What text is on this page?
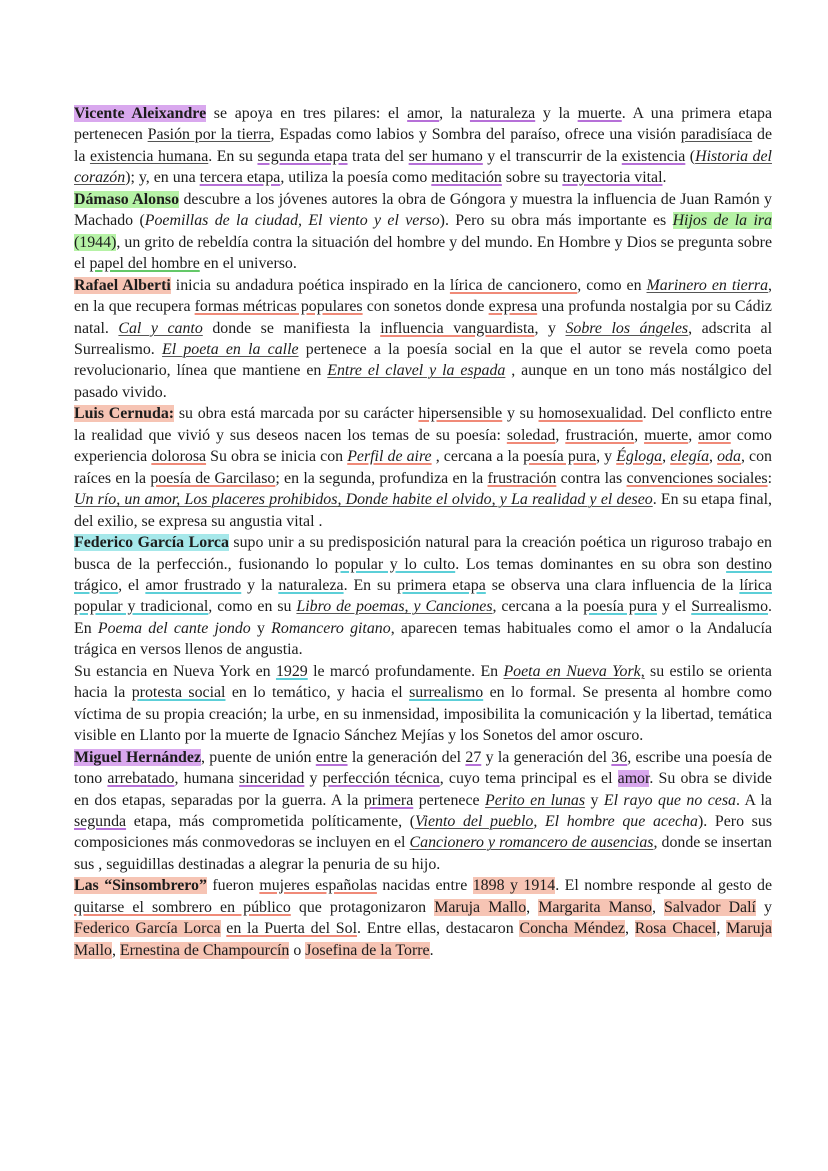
Vicente Aleixandre se apoya en tres pilares: el amor, la naturaleza y la muerte. A una primera etapa pertenecen Pasión por la tierra, Espadas como labios y Sombra del paraíso, ofrece una visión paradisíaca de la existencia humana. En su segunda etapa trata del ser humano y el transcurrir de la existencia (Historia del corazón); y, en una tercera etapa, utiliza la poesía como meditación sobre su trayectoria vital.

Dámaso Alonso descubre a los jóvenes autores la obra de Góngora y muestra la influencia de Juan Ramón y Machado (Poemillas de la ciudad, El viento y el verso). Pero su obra más importante es Hijos de la ira (1944), un grito de rebeldía contra la situación del hombre y del mundo. En Hombre y Dios se pregunta sobre el papel del hombre en el universo.

Rafael Alberti inicia su andadura poética inspirado en la lírica de cancionero, como en Marinero en tierra, en la que recupera formas métricas populares con sonetos donde expresa una profunda nostalgia por su Cádiz natal. Cal y canto donde se manifiesta la influencia vanguardista, y Sobre los ángeles, adscrita al Surrealismo. El poeta en la calle pertenece a la poesía social en la que el autor se revela como poeta revolucionario, línea que mantiene en Entre el clavel y la espada , aunque en un tono más nostálgico del pasado vivido.

Luis Cernuda: su obra está marcada por su carácter hipersensible y su homosexualidad. Del conflicto entre la realidad que vivió y sus deseos nacen los temas de su poesía: soledad, frustración, muerte, amor como experiencia dolorosa Su obra se inicia con Perfil de aire , cercana a la poesía pura, y Égloga, elegía, oda, con raíces en la poesía de Garcilaso; en la segunda, profundiza en la frustración contra las convenciones sociales: Un río, un amor, Los placeres prohibidos, Donde habite el olvido, y La realidad y el deseo. En su etapa final, del exilio, se expresa su angustia vital .

Federico García Lorca supo unir a su predisposición natural para la creación poética un riguroso trabajo en busca de la perfección., fusionando lo popular y lo culto. Los temas dominantes en su obra son destino trágico, el amor frustrado y la naturaleza. En su primera etapa se observa una clara influencia de la lírica popular y tradicional, como en su Libro de poemas, y Canciones, cercana a la poesía pura y el Surrealismo. En Poema del cante jondo y Romancero gitano, aparecen temas habituales como el amor o la Andalucía trágica en versos llenos de angustia.

Su estancia en Nueva York en 1929 le marcó profundamente. En Poeta en Nueva York, su estilo se orienta hacia la protesta social en lo temático, y hacia el surrealismo en lo formal. Se presenta al hombre como víctima de su propia creación; la urbe, en su inmensidad, imposibilita la comunicación y la libertad, temática visible en Llanto por la muerte de Ignacio Sánchez Mejías y los Sonetos del amor oscuro.

Miguel Hernández, puente de unión entre la generación del 27 y la generación del 36, escribe una poesía de tono arrebatado, humana sinceridad y perfección técnica, cuyo tema principal es el amor. Su obra se divide en dos etapas, separadas por la guerra. A la primera pertenece Perito en lunas y El rayo que no cesa. A la segunda etapa, más comprometida políticamente, (Viento del pueblo, El hombre que acecha). Pero sus composiciones más conmovedoras se incluyen en el Cancionero y romancero de ausencias, donde se insertan sus , seguidillas destinadas a alegrar la penuria de su hijo.

Las “Sinsombrero” fueron mujeres españolas nacidas entre 1898 y 1914. El nombre responde al gesto de quitarse el sombrero en público que protagonizaron Maruja Mallo, Margarita Manso, Salvador Dalí y Federico García Lorca en la Puerta del Sol. Entre ellas, destacaron Concha Méndez, Rosa Chacel, Maruja Mallo, Ernestina de Champourcín o Josefina de la Torre.
